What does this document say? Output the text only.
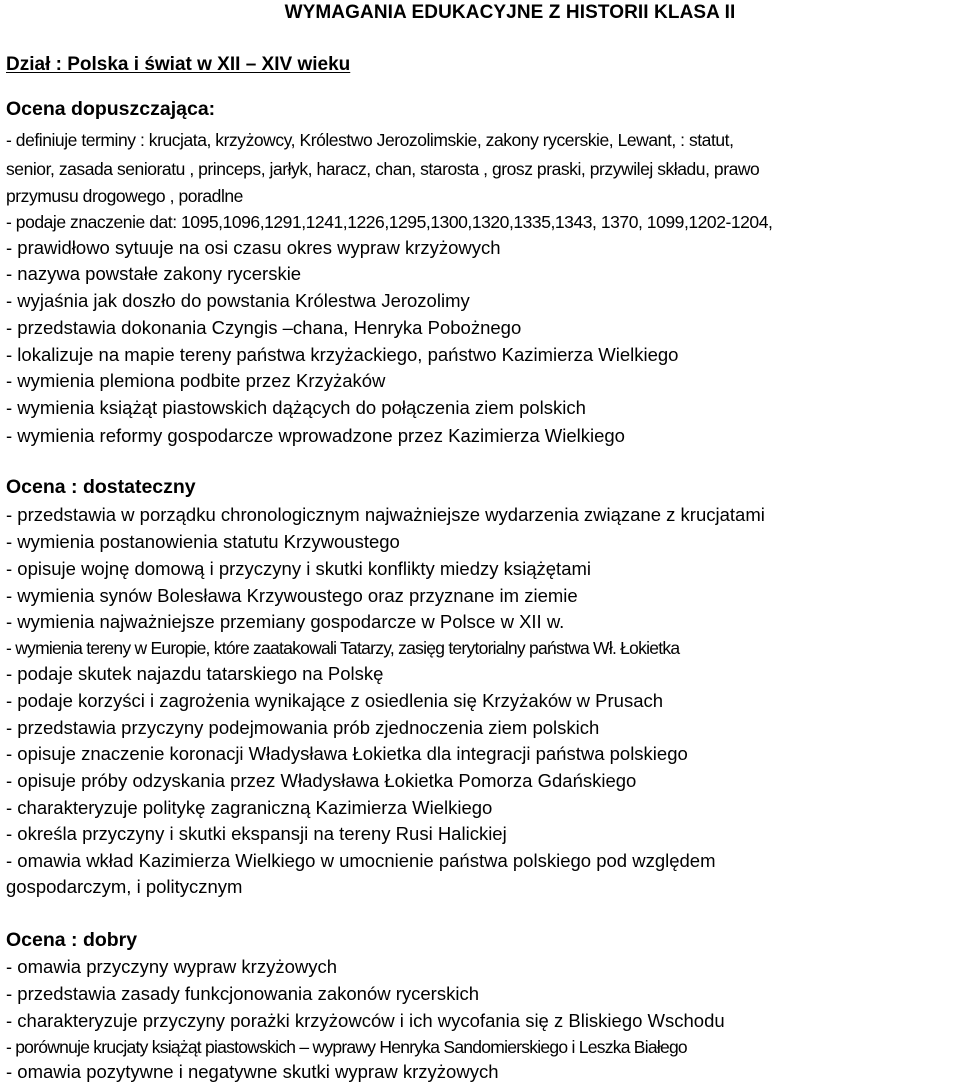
WYMAGANIA EDUKACYJNE Z HISTORII KLASA II
Dział : Polska i świat w XII – XIV wieku
Ocena dopuszczająca:
- definiuje terminy : krucjata, krzyżowcy, Królestwo Jerozolimskie, zakony rycerskie, Lewant, : statut,
senior, zasada senioratu , princeps, jarłyk, haracz, chan, starosta , grosz praski, przywilej składu, prawo
przymusu drogowego , poradlne
- podaje znaczenie dat: 1095,1096,1291,1241,1226,1295,1300,1320,1335,1343, 1370, 1099,1202-1204,
- prawidłowo sytuuje na osi czasu okres wypraw krzyżowych
- nazywa powstałe zakony rycerskie
- wyjaśnia jak doszło do powstania Królestwa Jerozolimy
- przedstawia dokonania Czyngis –chana, Henryka Pobożnego
- lokalizuje na mapie tereny państwa krzyżackiego, państwo Kazimierza Wielkiego
- wymienia plemiona podbite przez Krzyżaków
- wymienia książąt piastowskich dążących do połączenia ziem polskich
- wymienia reformy gospodarcze wprowadzone przez Kazimierza Wielkiego
Ocena : dostateczny
- przedstawia w porządku chronologicznym najważniejsze wydarzenia związane z krucjatami
- wymienia postanowienia statutu Krzywoustego
- opisuje wojnę domową i przyczyny i skutki konflikty miedzy książętami
- wymienia synów Bolesława Krzywoustego oraz przyznane im ziemie
- wymienia najważniejsze przemiany gospodarcze w Polsce w XII w.
- wymienia tereny w Europie, które zaatakowali Tatarzy, zasięg terytorialny państwa Wł. Łokietka
- podaje skutek najazdu tatarskiego na Polskę
- podaje korzyści i zagrożenia wynikające z osiedlenia się Krzyżaków w Prusach
- przedstawia przyczyny podejmowania prób zjednoczenia ziem polskich
- opisuje znaczenie koronacji Władysława Łokietka dla integracji państwa polskiego
- opisuje próby odzyskania przez Władysława Łokietka Pomorza Gdańskiego
- charakteryzuje politykę zagraniczną Kazimierza Wielkiego
- określa przyczyny i skutki ekspansji na tereny Rusi Halickiej
- omawia wkład Kazimierza Wielkiego w umocnienie państwa polskiego pod względem
gospodarczym, i politycznym
Ocena : dobry
- omawia przyczyny wypraw krzyżowych
- przedstawia zasady funkcjonowania zakonów rycerskich
- charakteryzuje przyczyny porażki krzyżowców i ich wycofania się z Bliskiego Wschodu
- porównuje krucjaty książąt piastowskich – wyprawy Henryka Sandomierskiego i Leszka Białego
- omawia pozytywne i negatywne skutki wypraw krzyżowych
